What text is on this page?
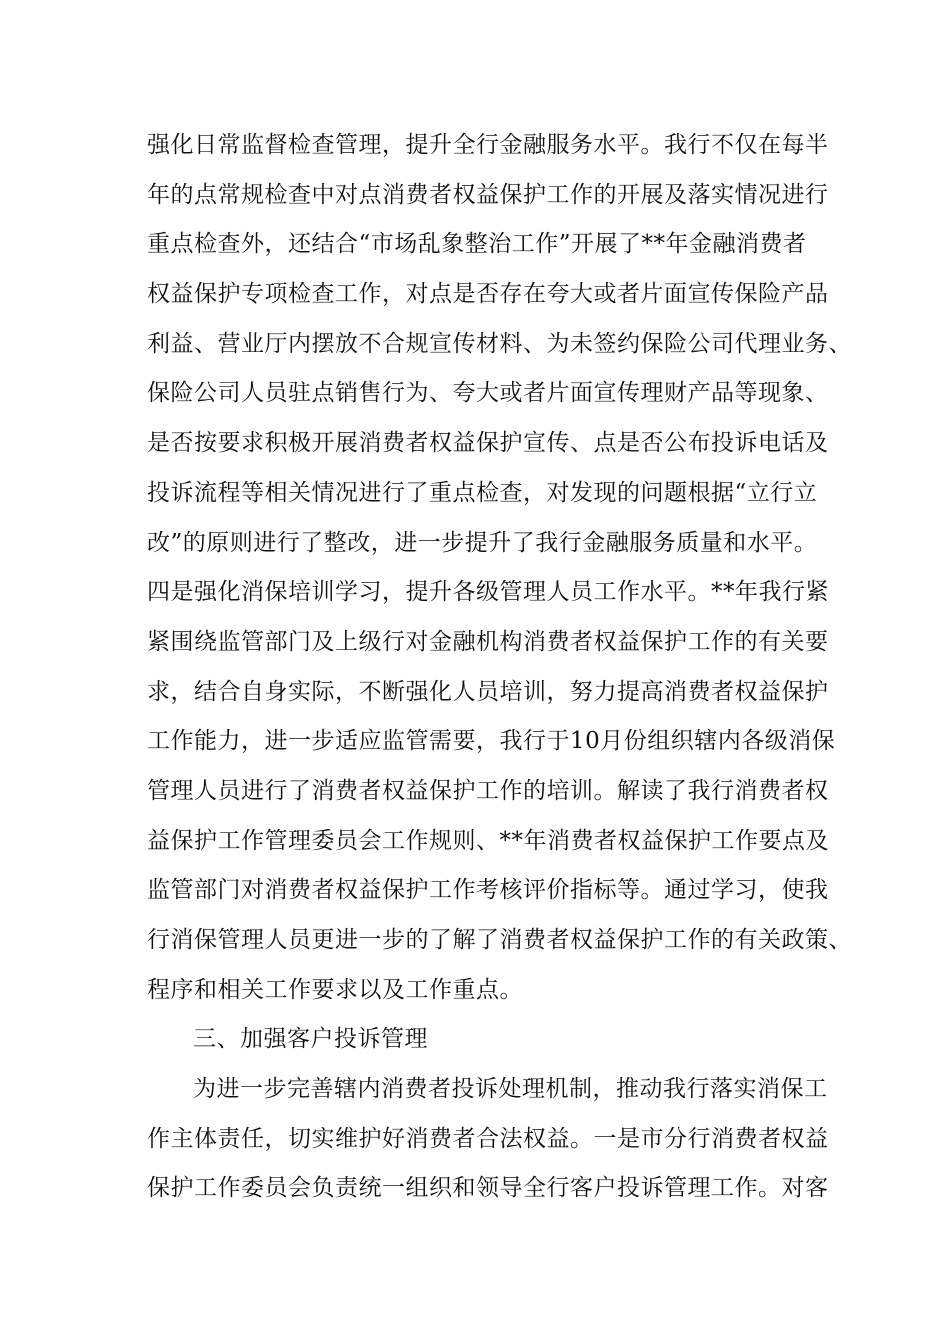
强化日常监督检查管理，提升全行金融服务水平。我行不仅在每半
年的点常规检查中对点消费者权益保护工作的开展及落实情况进行
重点检查外，还结合“市场乱象整治工作”开展了**年金融消费者
权益保护专项检查工作，对点是否存在夸大或者片面宣传保险产品
利益、营业厅内摆放不合规宣传材料、为未签约保险公司代理业务、
保险公司人员驻点销售行为、夸大或者片面宣传理财产品等现象、
是否按要求积极开展消费者权益保护宣传、点是否公布投诉电话及
投诉流程等相关情况进行了重点检查，对发现的问题根据“立行立
改”的原则进行了整改，进一步提升了我行金融服务质量和水平。
四是强化消保培训学习，提升各级管理人员工作水平。**年我行紧
紧围绕监管部门及上级行对金融机构消费者权益保护工作的有关要
求，结合自身实际，不断强化人员培训，努力提高消费者权益保护
工作能力，进一步适应监管需要，我行于10月份组织辖内各级消保
管理人员进行了消费者权益保护工作的培训。解读了我行消费者权
益保护工作管理委员会工作规则、**年消费者权益保护工作要点及
监管部门对消费者权益保护工作考核评价指标等。通过学习，使我
行消保管理人员更进一步的了解了消费者权益保护工作的有关政策、
程序和相关工作要求以及工作重点。
三、加强客户投诉管理
为进一步完善辖内消费者投诉处理机制，推动我行落实消保工
作主体责任，切实维护好消费者合法权益。一是市分行消费者权益
保护工作委员会负责统一组织和领导全行客户投诉管理工作。对客
